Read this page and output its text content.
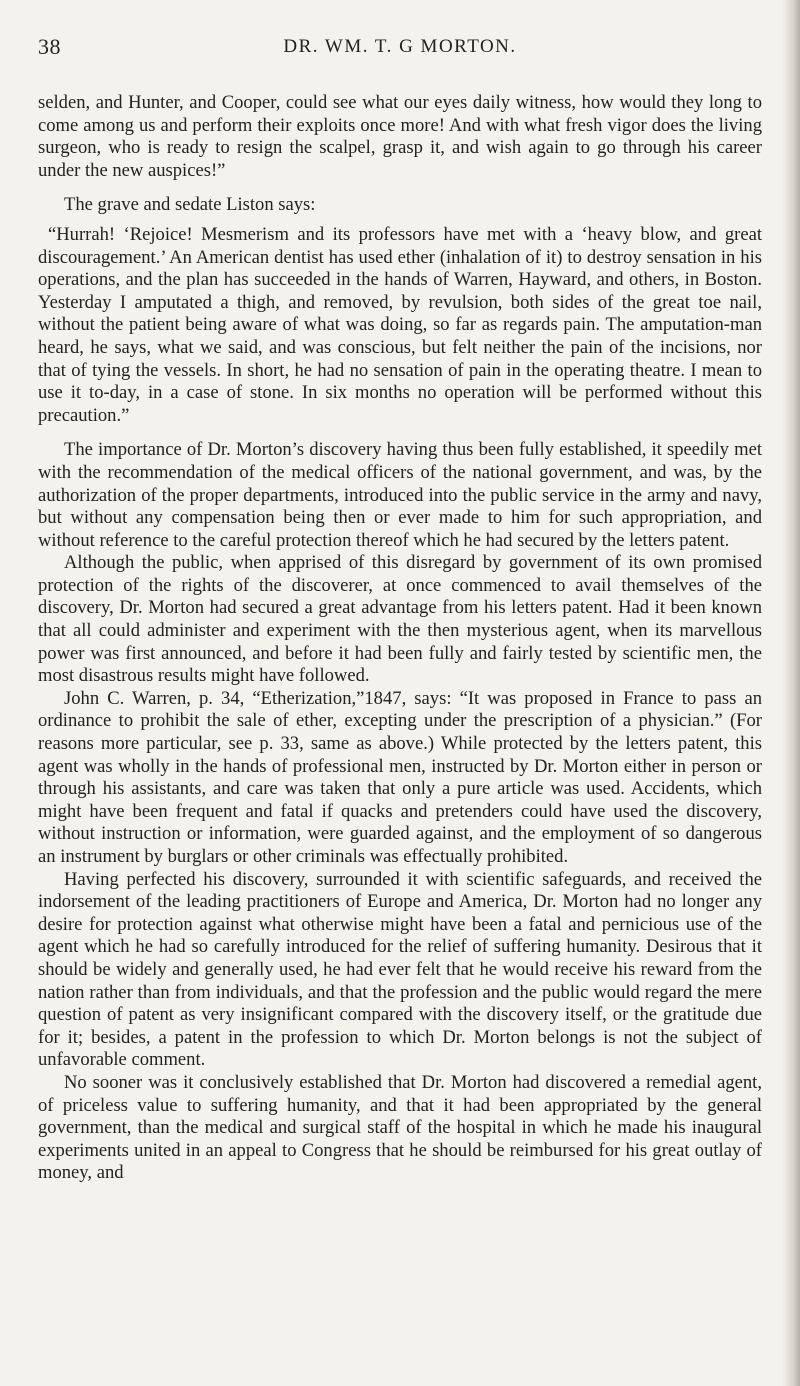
38	DR. WM. T. G MORTON.

selden, and Hunter, and Cooper, could see what our eyes daily witness, how would they long to come among us and perform their exploits once more! And with what fresh vigor does the living surgeon, who is ready to resign the scalpel, grasp it, and wish again to go through his career under the new auspices!”

The grave and sedate Liston says:

“Hurrah! ‘Rejoice! Mesmerism and its professors have met with a ‘heavy blow, and great discouragement.’ An American dentist has used ether (inhalation of it) to destroy sensation in his operations, and the plan has succeeded in the hands of Warren, Hayward, and others, in Boston. Yesterday I amputated a thigh, and removed, by revulsion, both sides of the great toe nail, without the patient being aware of what was doing, so far as regards pain. The amputation-man heard, he says, what we said, and was conscious, but felt neither the pain of the incisions, nor that of tying the vessels. In short, he had no sensation of pain in the operating theatre. I mean to use it to-day, in a case of stone. In six months no operation will be performed without this precaution.”

The importance of Dr. Morton’s discovery having thus been fully established, it speedily met with the recommendation of the medical officers of the national government, and was, by the authorization of the proper departments, introduced into the public service in the army and navy, but without any compensation being then or ever made to him for such appropriation, and without reference to the careful protection thereof which he had secured by the letters patent.

Although the public, when apprised of this disregard by government of its own promised protection of the rights of the discoverer, at once commenced to avail themselves of the discovery, Dr. Morton had secured a great advantage from his letters patent. Had it been known that all could administer and experiment with the then mysterious agent, when its marvellous power was first announced, and before it had been fully and fairly tested by scientific men, the most disastrous results might have followed.

John C. Warren, p. 34, “Etherization,”1847, says: “It was proposed in France to pass an ordinance to prohibit the sale of ether, excepting under the prescription of a physician.” (For reasons more particular, see p. 33, same as above.) While protected by the letters patent, this agent was wholly in the hands of professional men, instructed by Dr. Morton either in person or through his assistants, and care was taken that only a pure article was used. Accidents, which might have been frequent and fatal if quacks and pretenders could have used the discovery, without instruction or information, were guarded against, and the employment of so dangerous an instrument by burglars or other criminals was effectually prohibited.

Having perfected his discovery, surrounded it with scientific safeguards, and received the indorsement of the leading practitioners of Europe and America, Dr. Morton had no longer any desire for protection against what otherwise might have been a fatal and pernicious use of the agent which he had so carefully introduced for the relief of suffering humanity. Desirous that it should be widely and generally used, he had ever felt that he would receive his reward from the nation rather than from individuals, and that the profession and the public would regard the mere question of patent as very insignificant compared with the discovery itself, or the gratitude due for it; besides, a patent in the profession to which Dr. Morton belongs is not the subject of unfavorable comment.

No sooner was it conclusively established that Dr. Morton had discovered a remedial agent, of priceless value to suffering humanity, and that it had been appropriated by the general government, than the medical and surgical staff of the hospital in which he made his inaugural experiments united in an appeal to Congress that he should be reimbursed for his great outlay of money, and
